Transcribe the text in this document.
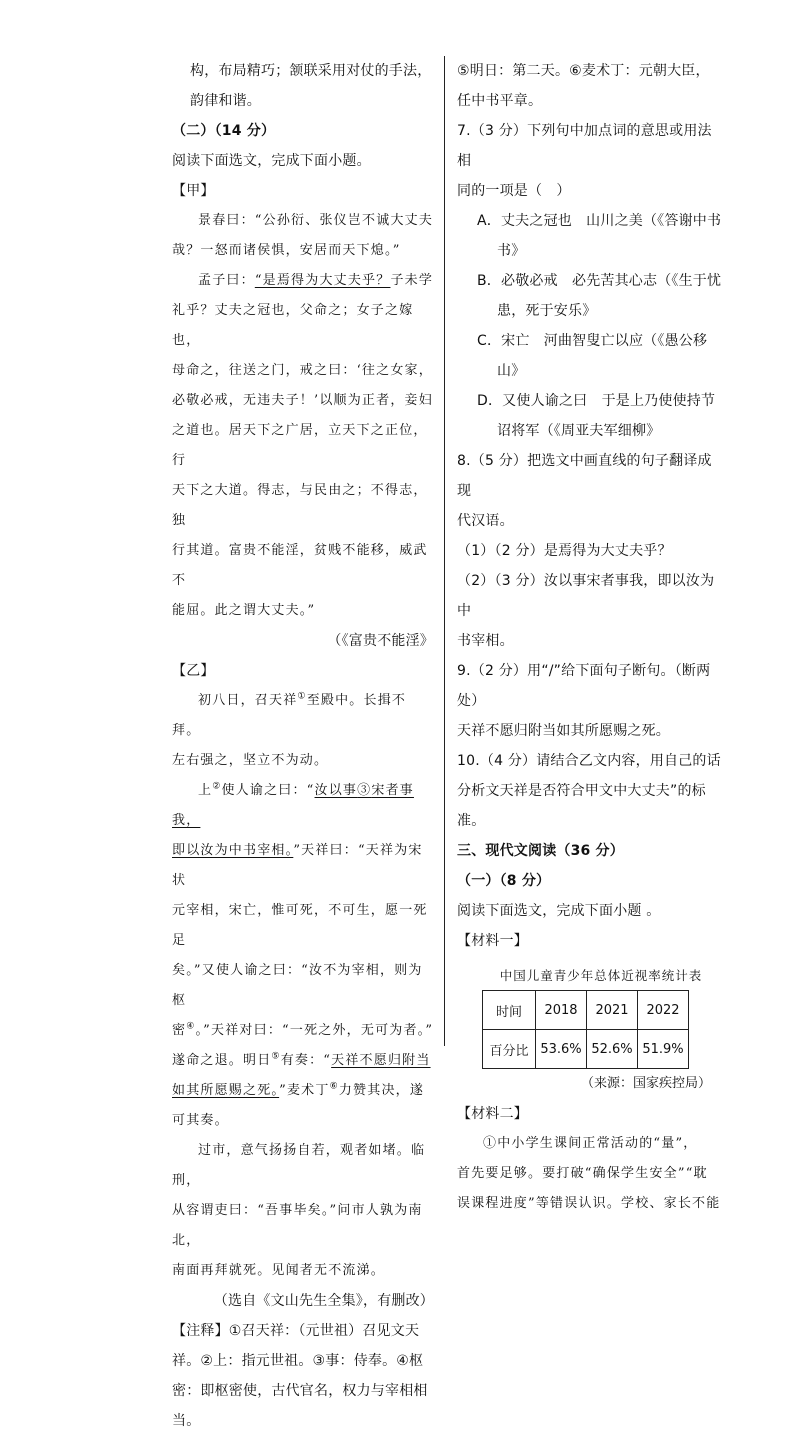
构，布局精巧；颔联采用对仗的手法，

韵律和谐。

（二）（14 分）

阅读下面选文，完成下面小题。

【甲】

景春曰：“公孙衍、张仪岂不诚大丈夫

哉？一怒而诸侯惧，安居而天下熄。”

孟子曰：“是焉得为大丈夫乎？子未学

礼乎？丈夫之冠也，父命之；女子之嫁也，

母命之，往送之门，戒之曰：‘往之女家，

必敬必戒，无违夫子！’以顺为正者，妾妇

之道也。居天下之广居，立天下之正位，行

天下之大道。得志，与民由之；不得志，独

行其道。富贵不能淫，贫贱不能移，威武不

能屈。此之谓大丈夫。”

（《富贵不能淫》

【乙】

初八日，召天祥①至殿中。长揖不拜。

左右强之，坚立不为动。

上②使人谕之曰：“汝以事③宋者事我，

即以汝为中书宰相。”天祥曰：“天祥为宋状

元宰相，宋亡，惟可死，不可生，愿一死足

矣。”又使人谕之曰：“汝不为宰相，则为枢

密④。”天祥对曰：“一死之外，无可为者。”

遂命之退。明日⑤有奏：“天祥不愿归附当

如其所愿赐之死。”麦术丁⑥力赞其决，遂

可其奏。

过市，意气扬扬自若，观者如堵。临刑，

从容谓吏曰：“吾事毕矣。”问市人孰为南北，

南面再拜就死。见闻者无不流涕。

（选自《文山先生全集》，有删改）

【注释】①召天祥：（元世祖）召见文天

祥。②上：指元世祖。③事：侍奉。④枢

密：即枢密使，古代官名，权力与宰相相当。

⑤明日：第二天。⑥麦术丁：元朝大臣，

任中书平章。

7.（3 分）下列句中加点词的意思或用法相

同的一项是（　）

A．丈夫之冠也　山川之美（《答谢中书

书》

B．必敬必戒　必先苦其心志（《生于忧

患，死于安乐》

C．宋亡　河曲智叟亡以应（《愚公移

山》

D．又使人谕之曰　于是上乃使使持节

诏将军（《周亚夫军细柳》

8.（5 分）把选文中画直线的句子翻译成现

代汉语。

（1）（2 分）是焉得为大丈夫乎？

（2）（3 分）汝以事宋者事我，即以汝为中

书宰相。

9.（2 分）用“/”给下面句子断句。（断两处）

天祥不愿归附当如其所愿赐之死。

10.（4 分）请结合乙文内容，用自己的话

分析文天祥是否符合甲文中大丈夫”的标准。

三、现代文阅读（36 分）

（一）（8 分）

阅读下面选文，完成下面小题 。

【材料一】

中国儿童青少年总体近视率统计表
时间	2018	2021	2022
百分比	53.6%	52.6%	51.9%

（来源：国家疾控局）

【材料二】

①中小学生课间正常活动的“量”，

首先要足够。要打破“确保学生安全”“耽

误课程进度”等错误认识。学校、家长不能
